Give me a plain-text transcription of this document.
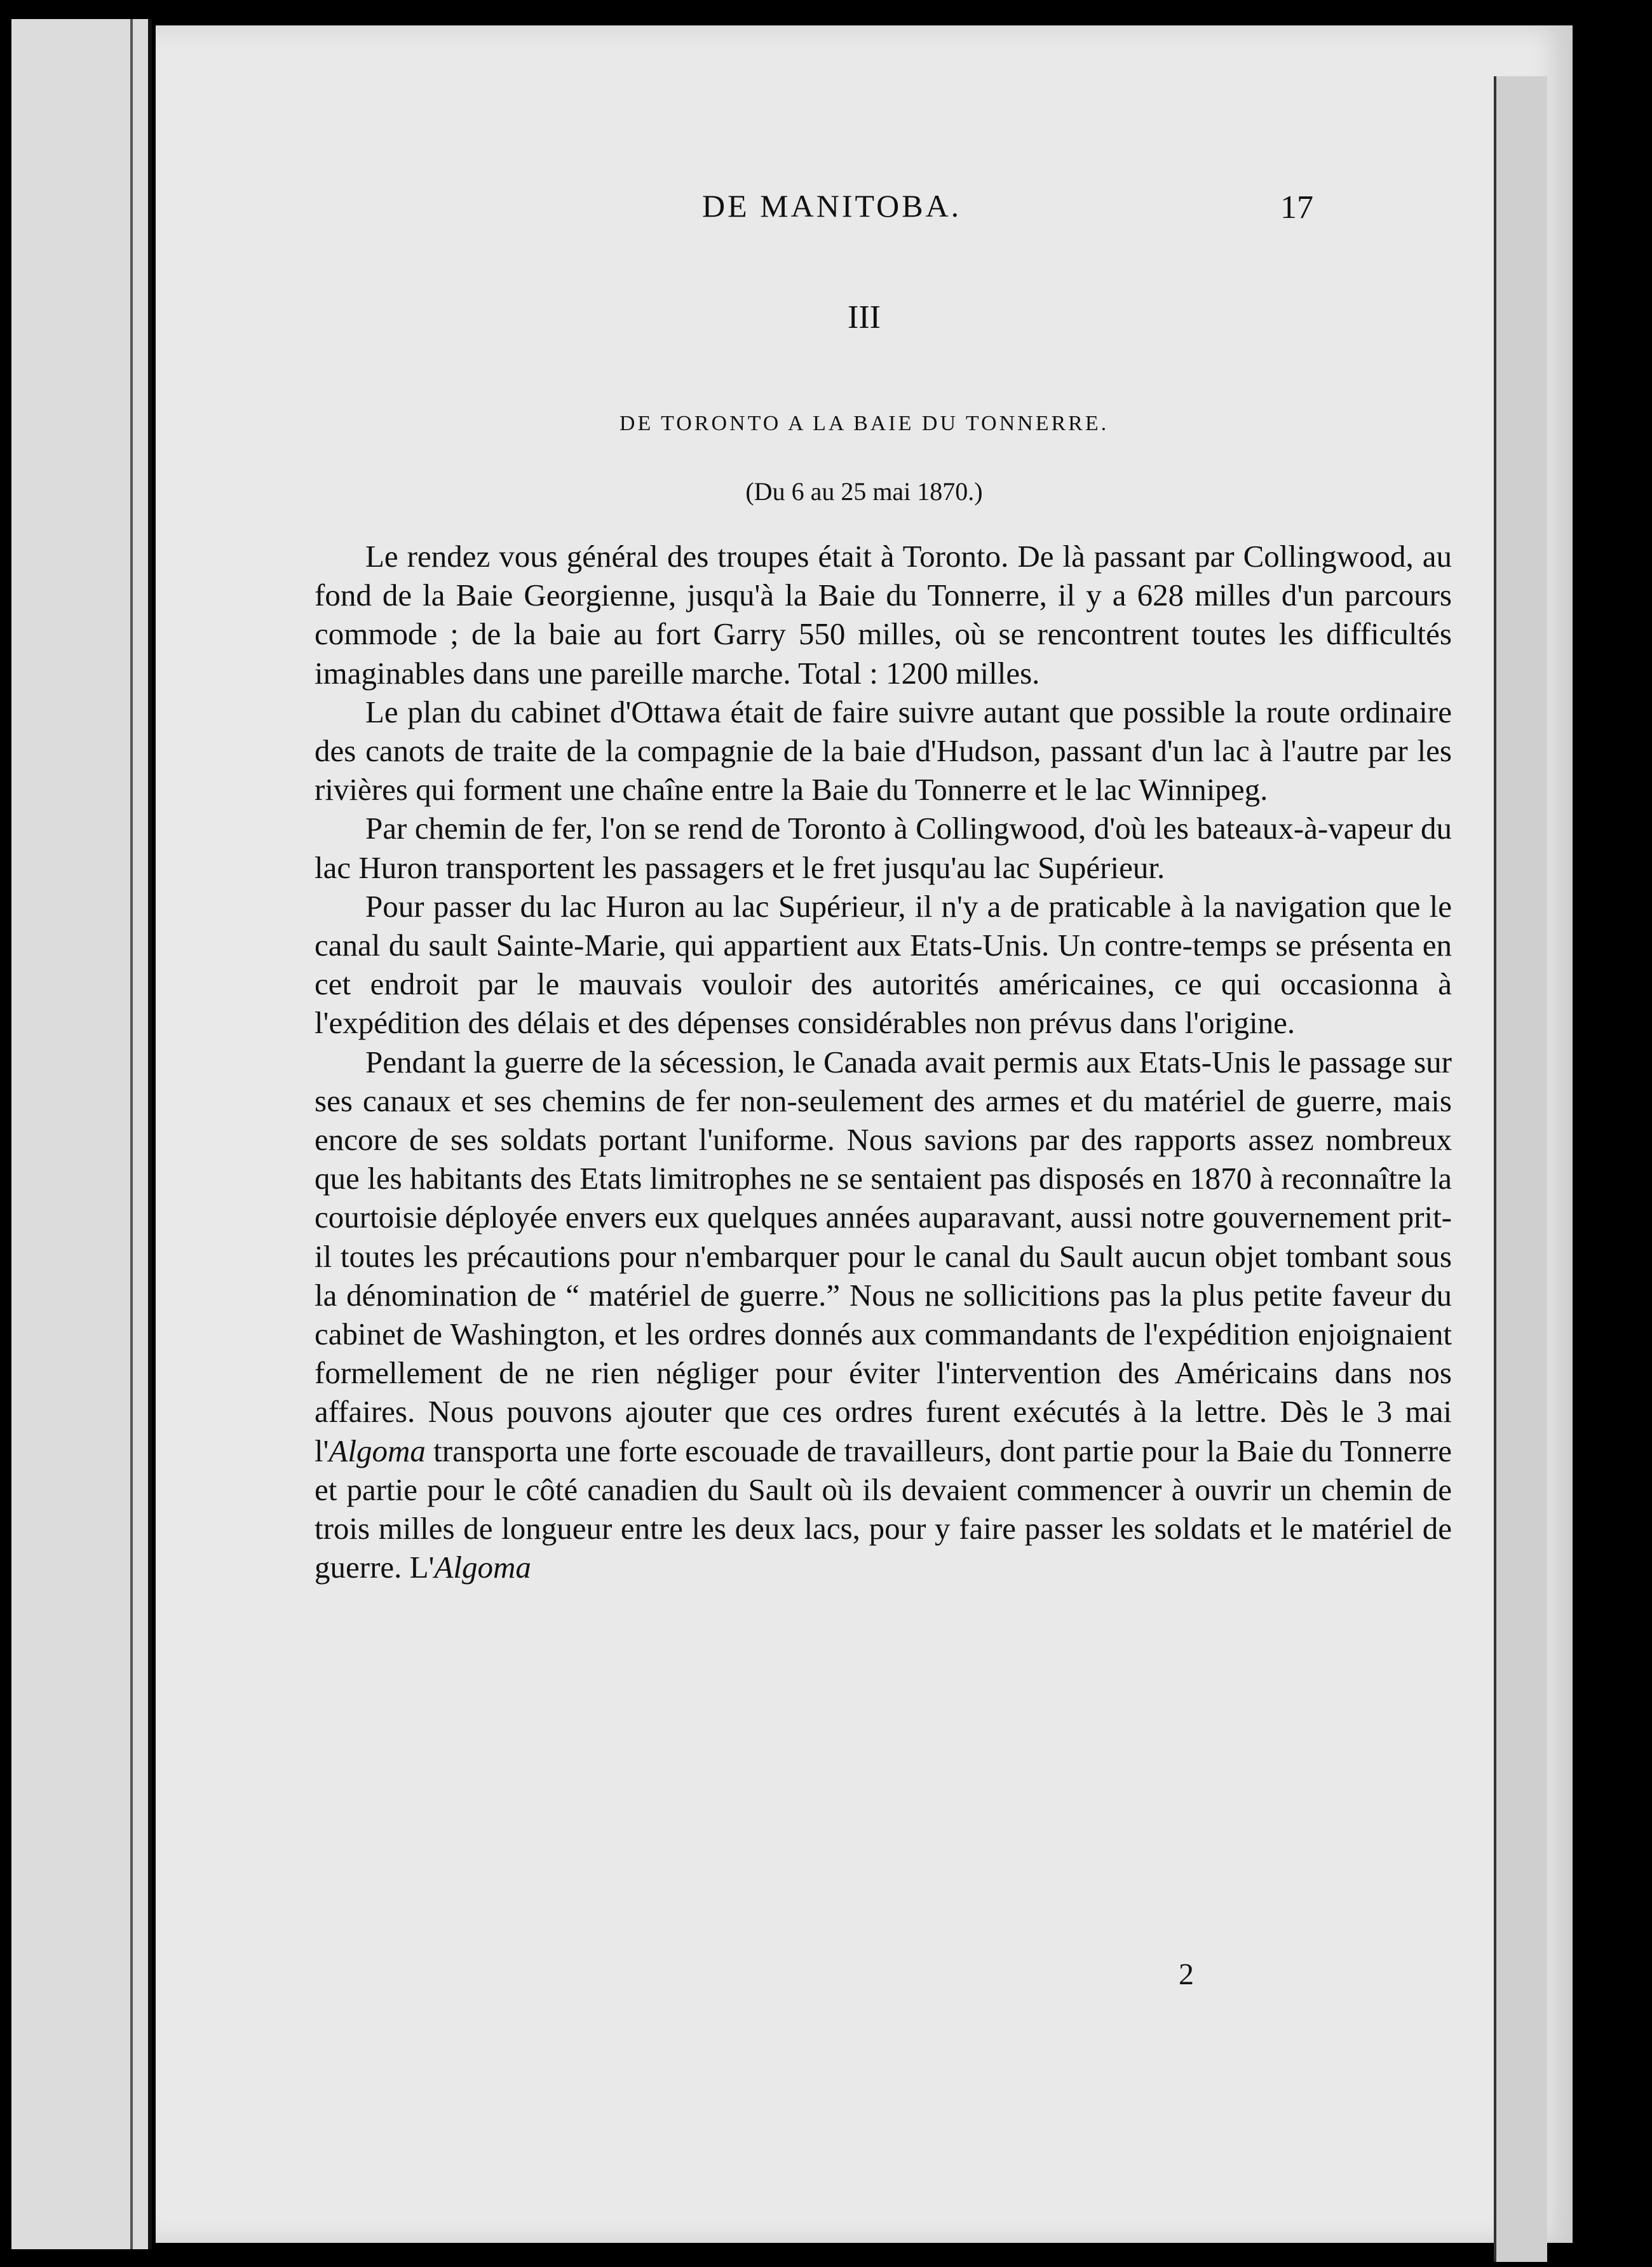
DE MANITOBA.	17
III
DE TORONTO A LA BAIE DU TONNERRE.
(Du 6 au 25 mai 1870.)

Le rendez vous général des troupes était à Toronto. De là passant par Collingwood, au fond de la Baie Georgienne, jusqu'à la Baie du Tonnerre, il y a 628 milles d'un parcours commode ; de la baie au fort Garry 550 milles, où se rencontrent toutes les difficultés imaginables dans une pareille marche. Total : 1200 milles.

Le plan du cabinet d'Ottawa était de faire suivre autant que possible la route ordinaire des canots de traite de la compagnie de la baie d'Hudson, passant d'un lac à l'autre par les rivières qui forment une chaîne entre la Baie du Tonnerre et le lac Winnipeg.

Par chemin de fer, l'on se rend de Toronto à Collingwood, d'où les bateaux-à-vapeur du lac Huron transportent les passagers et le fret jusqu'au lac Supérieur.

Pour passer du lac Huron au lac Supérieur, il n'y a de praticable à la navigation que le canal du sault Sainte-Marie, qui appartient aux Etats-Unis. Un contre-temps se présenta en cet endroit par le mauvais vouloir des autorités américaines, ce qui occasionna à l'expédition des délais et des dépenses considérables non prévus dans l'origine.

Pendant la guerre de la sécession, le Canada avait permis aux Etats-Unis le passage sur ses canaux et ses chemins de fer non-seulement des armes et du matériel de guerre, mais encore de ses soldats portant l'uniforme. Nous savions par des rapports assez nombreux que les habitants des Etats limitrophes ne se sentaient pas disposés en 1870 à reconnaître la courtoisie déployée envers eux quelques années auparavant, aussi notre gouvernement prit-il toutes les précautions pour n'embarquer pour le canal du Sault aucun objet tombant sous la dénomination de “ matériel de guerre.” Nous ne sollicitions pas la plus petite faveur du cabinet de Washington, et les ordres donnés aux commandants de l'expédition enjoignaient formellement de ne rien négliger pour éviter l'intervention des Américains dans nos affaires. Nous pouvons ajouter que ces ordres furent exécutés à la lettre. Dès le 3 mai l'Algoma transporta une forte escouade de travailleurs, dont partie pour la Baie du Tonnerre et partie pour le côté canadien du Sault où ils devaient commencer à ouvrir un chemin de trois milles de longueur entre les deux lacs, pour y faire passer les soldats et le matériel de guerre. L'Algoma

2
